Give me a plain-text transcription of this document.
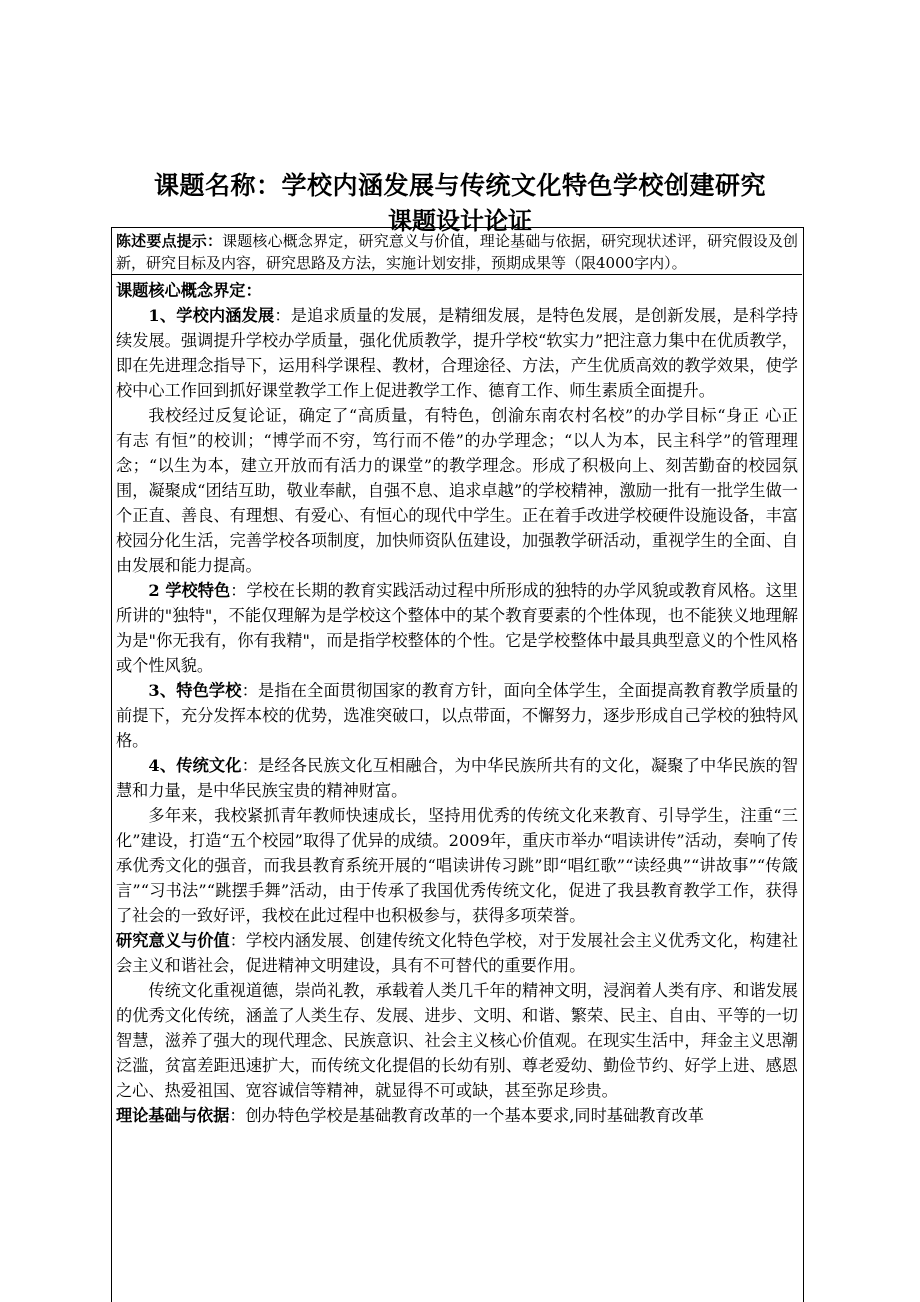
课题名称：学校内涵发展与传统文化特色学校创建研究
课题设计论证

陈述要点提示：课题核心概念界定，研究意义与价值，理论基础与依据，研究现状述评，研究假设及创新，研究目标及内容，研究思路及方法，实施计划安排，预期成果等（限4000字内）。

课题核心概念界定：

1、学校内涵发展：是追求质量的发展，是精细发展，是特色发展，是创新发展，是科学持续发展。强调提升学校办学质量，强化优质教学，提升学校“软实力”把注意力集中在优质教学，即在先进理念指导下，运用科学课程、教材，合理途径、方法，产生优质高效的教学效果，使学校中心工作回到抓好课堂教学工作上促进教学工作、德育工作、师生素质全面提升。

我校经过反复论证，确定了“高质量，有特色，创渝东南农村名校”的办学目标“身正 心正 有志 有恒”的校训；“博学而不穷，笃行而不倦”的办学理念；“以人为本，民主科学”的管理理念；“以生为本，建立开放而有活力的课堂”的教学理念。形成了积极向上、刻苦勤奋的校园氛围，凝聚成“团结互助，敬业奉献，自强不息、追求卓越”的学校精神，激励一批有一批学生做一个正直、善良、有理想、有爱心、有恒心的现代中学生。正在着手改进学校硬件设施设备，丰富校园分化生活，完善学校各项制度，加快师资队伍建设，加强教学研活动，重视学生的全面、自由发展和能力提高。

2 学校特色：学校在长期的教育实践活动过程中所形成的独特的办学风貌或教育风格。这里所讲的"独特"，不能仅理解为是学校这个整体中的某个教育要素的个性体现，也不能狭义地理解为是"你无我有，你有我精"，而是指学校整体的个性。它是学校整体中最具典型意义的个性风格或个性风貌。

3、特色学校：是指在全面贯彻国家的教育方针，面向全体学生，全面提高教育教学质量的前提下，充分发挥本校的优势，选准突破口，以点带面，不懈努力，逐步形成自己学校的独特风格。

4、传统文化：是经各民族文化互相融合，为中华民族所共有的文化，凝聚了中华民族的智慧和力量，是中华民族宝贵的精神财富。

多年来，我校紧抓青年教师快速成长，坚持用优秀的传统文化来教育、引导学生，注重“三化”建设，打造“五个校园”取得了优异的成绩。2009年，重庆市举办“唱读讲传”活动，奏响了传承优秀文化的强音，而我县教育系统开展的“唱读讲传习跳”即“唱红歌”“读经典”“讲故事”“传箴言”“习书法”“跳摆手舞”活动，由于传承了我国优秀传统文化，促进了我县教育教学工作，获得了社会的一致好评，我校在此过程中也积极参与，获得多项荣誉。

研究意义与价值：学校内涵发展、创建传统文化特色学校，对于发展社会主义优秀文化，构建社会主义和谐社会，促进精神文明建设，具有不可替代的重要作用。

传统文化重视道德，崇尚礼教，承载着人类几千年的精神文明，浸润着人类有序、和谐发展的优秀文化传统，涵盖了人类生存、发展、进步、文明、和谐、繁荣、民主、自由、平等的一切智慧，滋养了强大的现代理念、民族意识、社会主义核心价值观。在现实生活中，拜金主义思潮泛滥，贫富差距迅速扩大，而传统文化提倡的长幼有别、尊老爱幼、勤俭节约、好学上进、感恩之心、热爱祖国、宽容诚信等精神，就显得不可或缺，甚至弥足珍贵。

理论基础与依据：创办特色学校是基础教育改革的一个基本要求,同时基础教育改革
